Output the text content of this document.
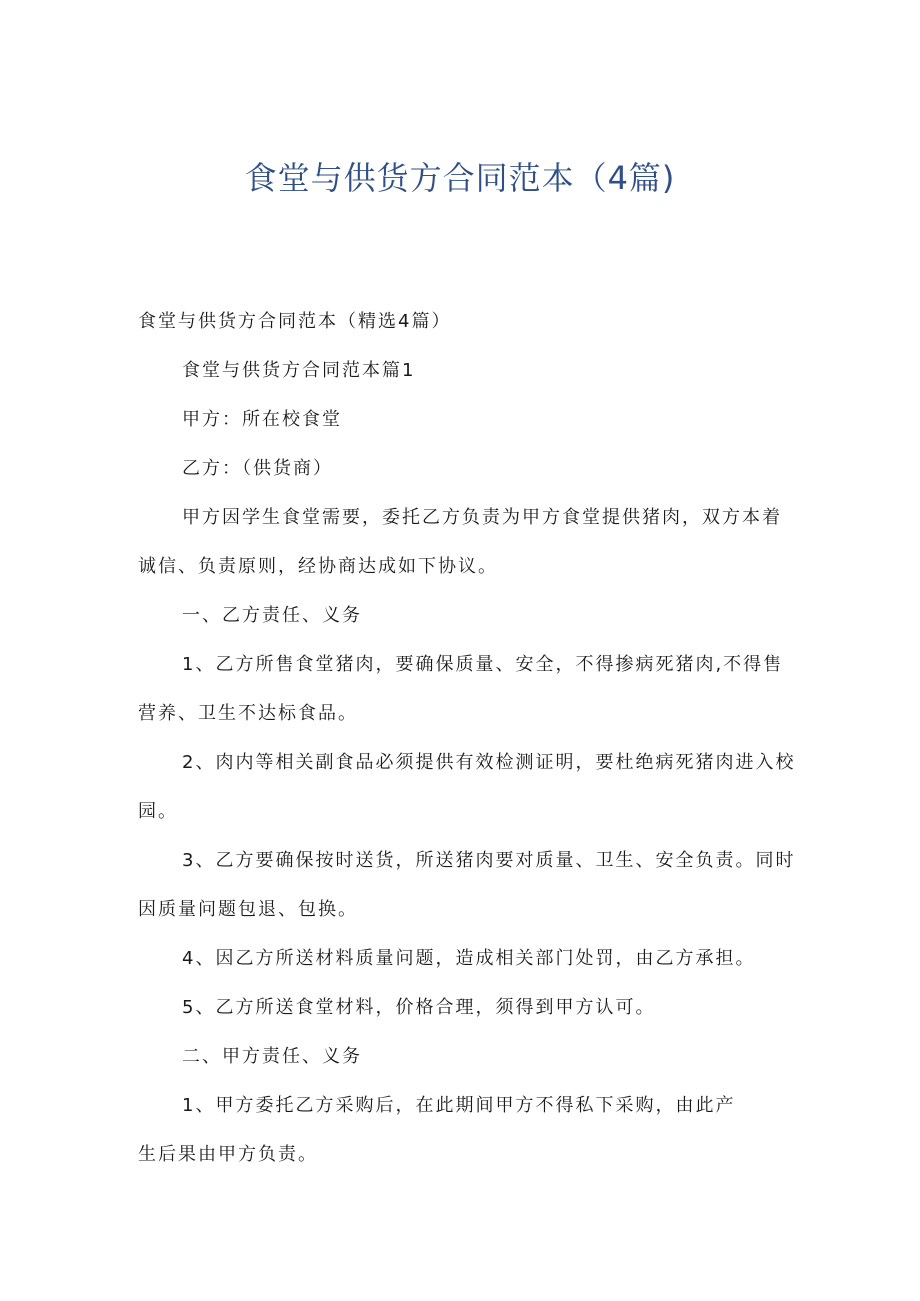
食堂与供货方合同范本（4篇)
食堂与供货方合同范本（精选4篇）
食堂与供货方合同范本篇1
甲方：所在校食堂
乙方：（供货商）
甲方因学生食堂需要，委托乙方负责为甲方食堂提供猪肉，双方本着
诚信、负责原则，经协商达成如下协议。
一、乙方责任、义务
1、乙方所售食堂猪肉，要确保质量、安全，不得掺病死猪肉,不得售
营养、卫生不达标食品。
2、肉内等相关副食品必须提供有效检测证明，要杜绝病死猪肉进入校
园。
3、乙方要确保按时送货，所送猪肉要对质量、卫生、安全负责。同时
因质量问题包退、包换。
4、因乙方所送材料质量问题，造成相关部门处罚，由乙方承担。
5、乙方所送食堂材料，价格合理，须得到甲方认可。
二、甲方责任、义务
1、甲方委托乙方采购后，在此期间甲方不得私下采购，由此产
生后果由甲方负责。
